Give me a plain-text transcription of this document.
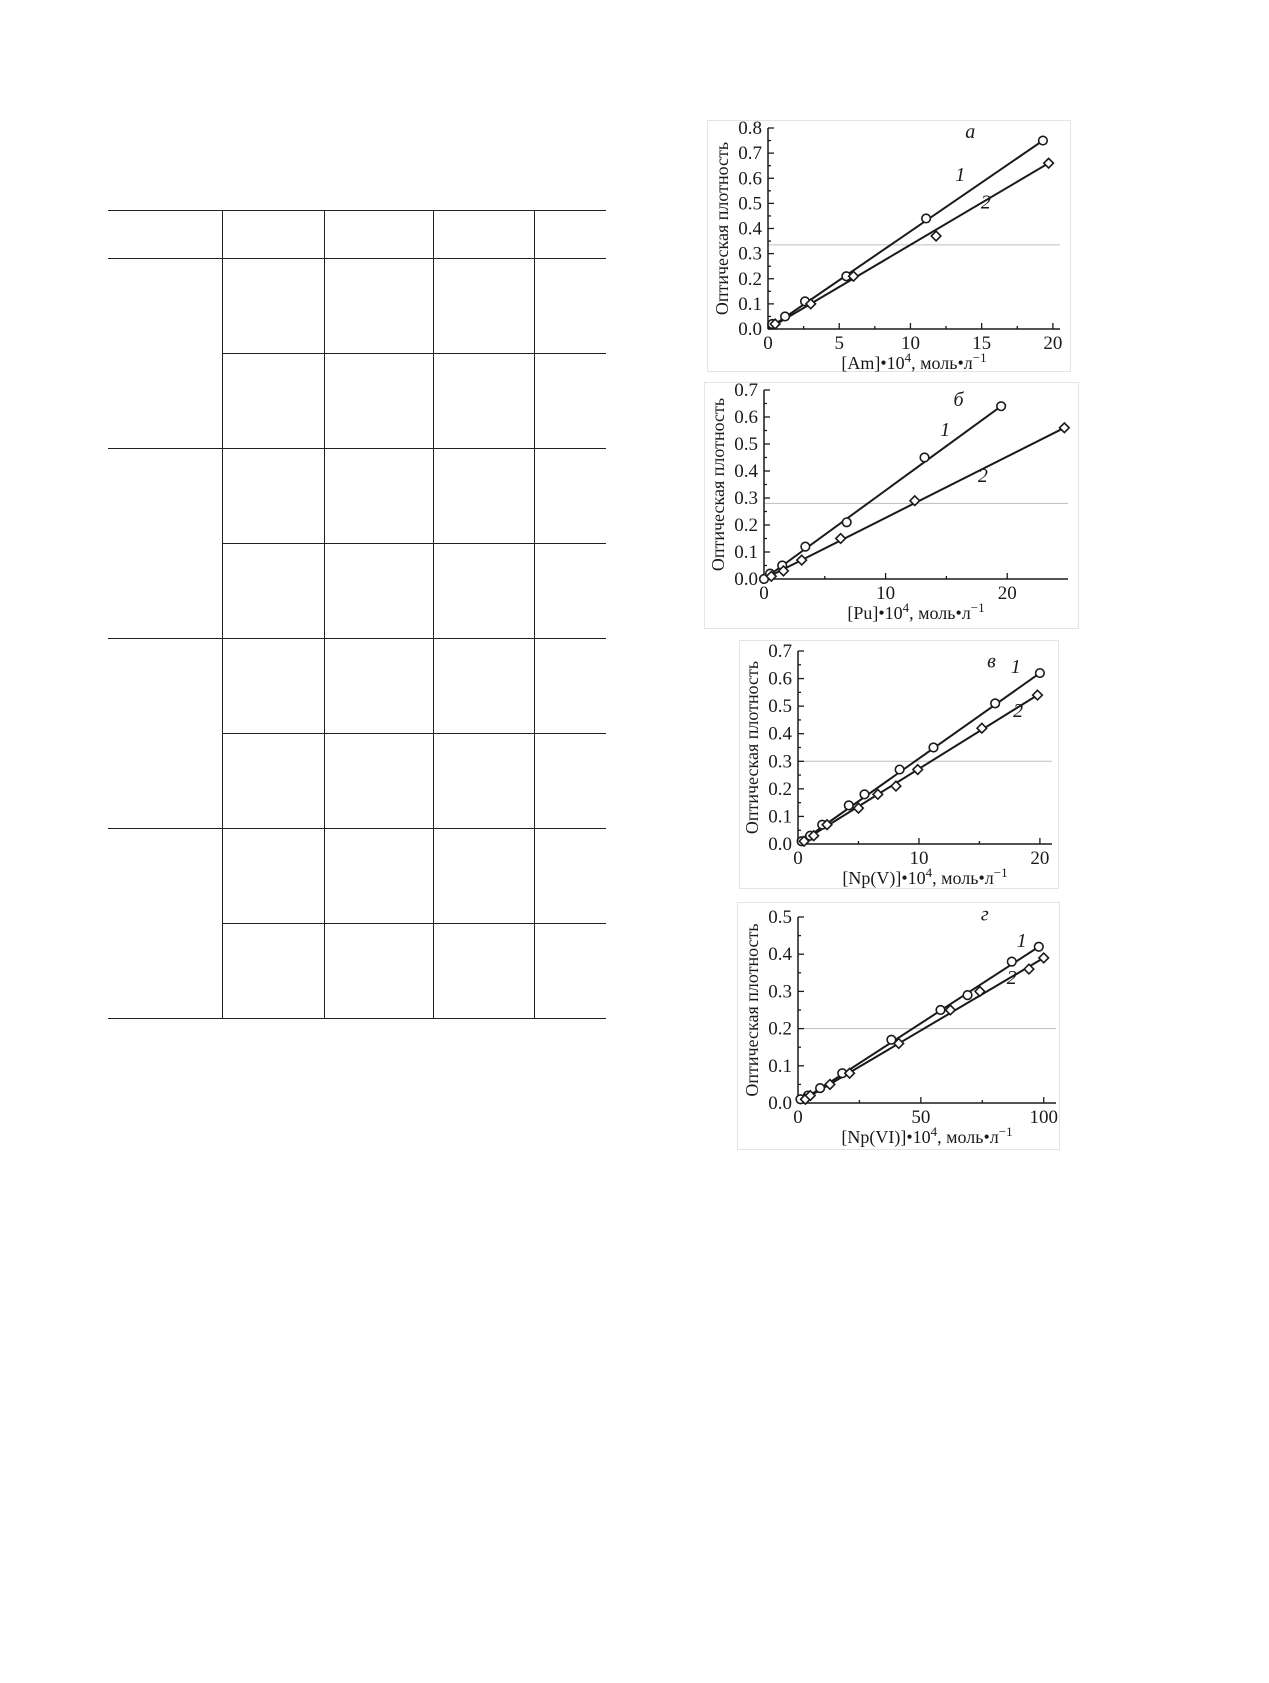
0.0
0.1
0.2
0.3
0.4
0.5
0.6
0.7
0.8
0	5	10	15	20
1
2
а
Оптическая плотность
$[Am]•10^4$, $моль•л^{-1}$
0.0
0.1
0.2
0.3
0.4
0.5
0.6
0.7
0	10	20
1
2
б
Оптическая плотность
$[Pu]•10^4$, $моль•л^{-1}$
0.0
0.1
0.2
0.3
0.4
0.5
0.6
0.7
0	10	20
1
2
в
Оптическая плотность
$[Np(V)]•10^4$, $моль•л^{-1}$
0.0
0.1
0.2
0.3
0.4
0.5
0	50	100
1
2
г
Оптическая плотность
$[Np(VI)]•10^4$, $моль•л^{-1}$
